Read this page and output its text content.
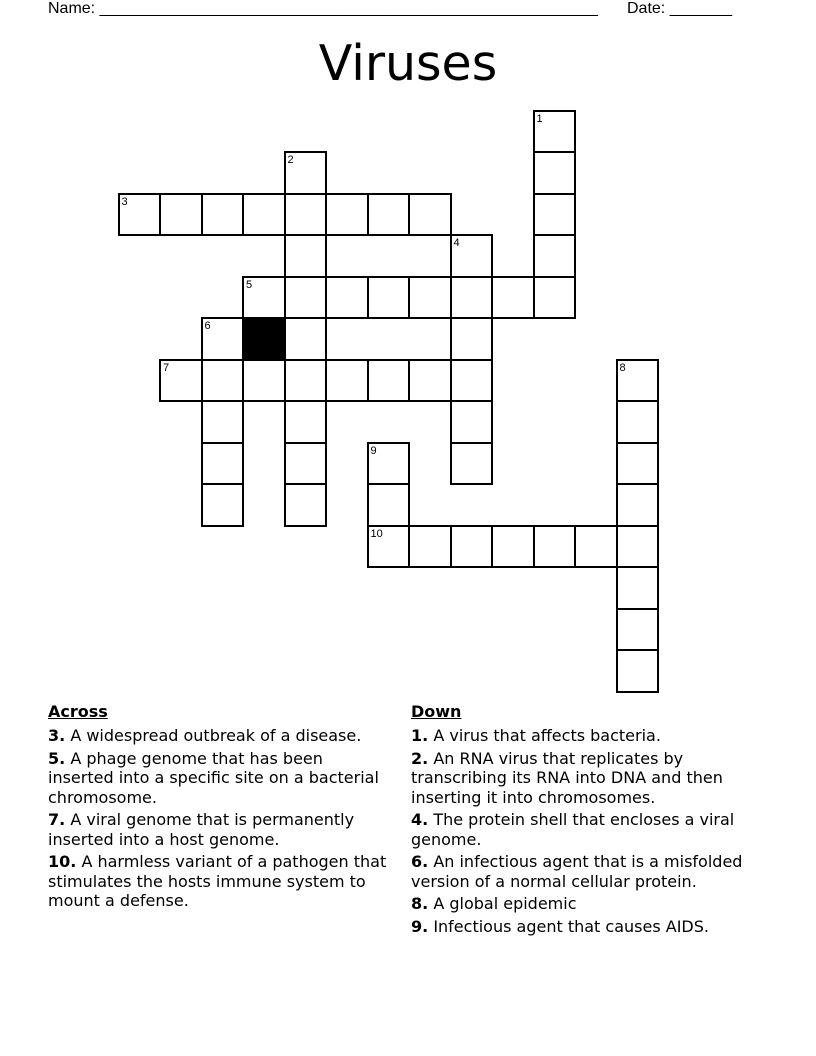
Name: ________________________________________________________ Date: _______
Viruses
1
2
3
4
5
6
7	8
9
10
Across
3. A widespread outbreak of a disease.
5. A phage genome that has been inserted into a specific site on a bacterial chromosome.
7. A viral genome that is permanently inserted into a host genome.
10. A harmless variant of a pathogen that stimulates the hosts immune system to mount a defense.
Down
1. A virus that affects bacteria.
2. An RNA virus that replicates by transcribing its RNA into DNA and then inserting it into chromosomes.
4. The protein shell that encloses a viral genome.
6. An infectious agent that is a misfolded version of a normal cellular protein.
8. A global epidemic
9. Infectious agent that causes AIDS.
